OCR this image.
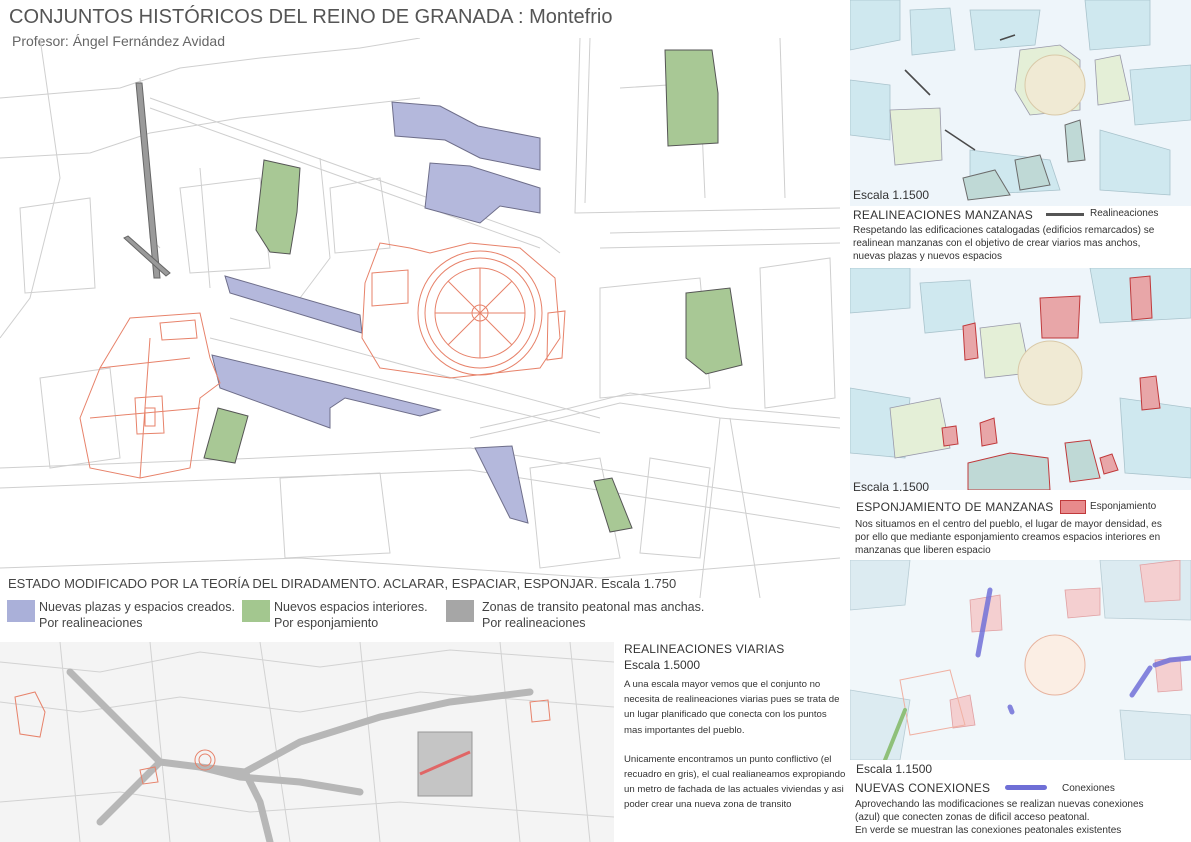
CONJUNTOS HISTÓRICOS DEL REINO DE GRANADA : Montefrio
Profesor: Ángel Fernández Avidad
ESTADO MODIFICADO POR LA TEORÍA DEL DIRADAMENTO. ACLARAR, ESPACIAR, ESPONJAR. Escala 1.750
Nuevas plazas y espacios creados.
Por realineaciones
Nuevos espacios interiores.
Por esponjamiento
Zonas de transito peatonal mas anchas.
Por realineaciones
REALINEACIONES VIARIAS
Escala 1.5000

A una escala mayor vemos que el conjunto no necesita de realineaciones viarias pues se trata de un lugar planificado que conecta con los puntos mas importantes del pueblo.

Unicamente encontramos un punto conflictivo (el recuadro en gris), el cual realianeamos expropiando un metro de fachada de las actuales viviendas y asi poder crear una nueva zona de transito

Escala 1.1500
REALINEACIONES MANZANAS	Realineaciones

Respetando las edificaciones catalogadas (edificios remarcados) se

realinean manzanas con el objetivo de crear viarios mas anchos,

nuevas plazas y nuevos espacios

Escala 1.1500
ESPONJAMIENTO DE MANZANAS	Esponjamiento

Nos situamos en el centro del pueblo, el lugar de mayor densidad, es

por ello que mediante esponjamiento creamos espacios interiores en

manzanas que liberen espacio

Escala 1.1500
NUEVAS CONEXIONES	Conexiones

Aprovechando las modificaciones se realizan nuevas conexiones

(azul) que conecten zonas de dificil acceso peatonal.

En verde se muestran las conexiones peatonales existentes
